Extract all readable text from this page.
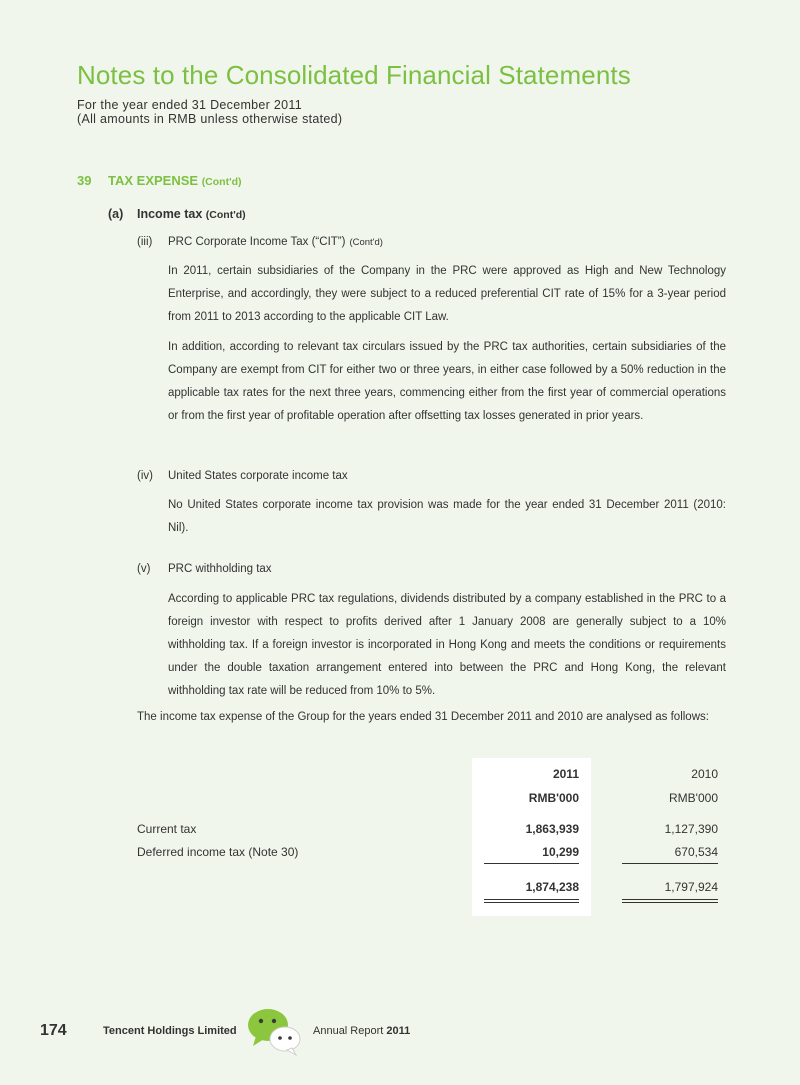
Notes to the Consolidated Financial Statements
For the year ended 31 December 2011
(All amounts in RMB unless otherwise stated)
39 TAX EXPENSE (Cont'd)
(a) Income tax (Cont'd)
(iii) PRC Corporate Income Tax (“CIT”) (Cont'd)

In 2011, certain subsidiaries of the Company in the PRC were approved as High and New Technology Enterprise, and accordingly, they were subject to a reduced preferential CIT rate of 15% for a 3-year period from 2011 to 2013 according to the applicable CIT Law.

In addition, according to relevant tax circulars issued by the PRC tax authorities, certain subsidiaries of the Company are exempt from CIT for either two or three years, in either case followed by a 50% reduction in the applicable tax rates for the next three years, commencing either from the first year of commercial operations or from the first year of profitable operation after offsetting tax losses generated in prior years.

(iv) United States corporate income tax

No United States corporate income tax provision was made for the year ended 31 December 2011 (2010: Nil).

(v) PRC withholding tax

According to applicable PRC tax regulations, dividends distributed by a company established in the PRC to a foreign investor with respect to profits derived after 1 January 2008 are generally subject to a 10% withholding tax. If a foreign investor is incorporated in Hong Kong and meets the conditions or requirements under the double taxation arrangement entered into between the PRC and Hong Kong, the relevant withholding tax rate will be reduced from 10% to 5%.

The income tax expense of the Group for the years ended 31 December 2011 and 2010 are analysed as follows:

2011	2010
RMB'000	RMB'000
Current tax	1,863,939	1,127,390
Deferred income tax (Note 30)	10,299	670,534
1,874,238	1,797,924
174	Tencent Holdings Limited	Annual Report 2011
